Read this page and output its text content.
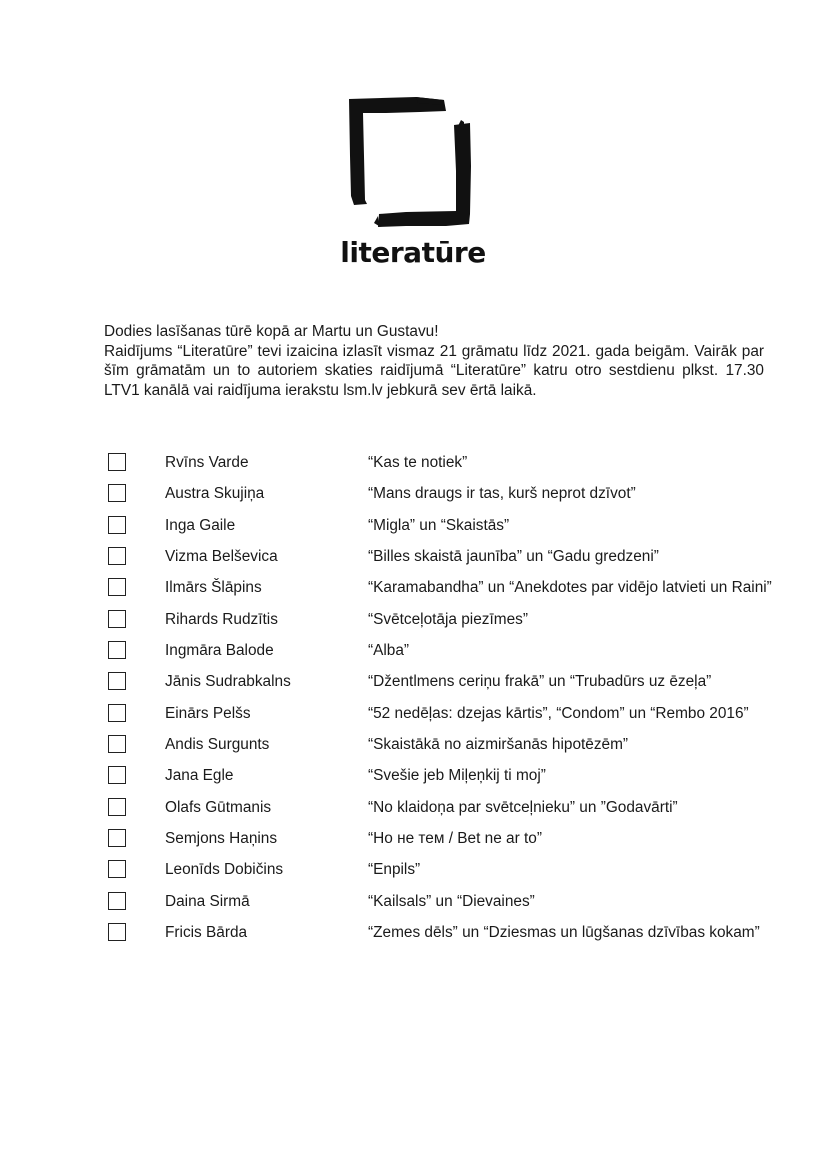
literatūre

Dodies lasīšanas tūrē kopā ar Martu un Gustavu!

Raidījums “Literatūre” tevi izaicina izlasīt vismaz 21 grāmatu līdz 2021. gada beigām. Vairāk par šīm grāmatām un to autoriem skaties raidījumā “Literatūre” katru otro sestdienu plkst. 17.30 LTV1 kanālā vai raidījuma ierakstu lsm.lv jebkurā sev ērtā laikā.

Rvīns Varde	“Kas te notiek”
Austra Skujiņa	“Mans draugs ir tas, kurš neprot dzīvot”
Inga Gaile	“Migla” un “Skaistās”
Vizma Belševica	“Billes skaistā jaunība” un “Gadu gredzeni”
Ilmārs Šlāpins	“Karamabandha” un “Anekdotes par vidējo latvieti un Raini”
Rihards Rudzītis	“Svētceļotāja piezīmes”
Ingmāra Balode	“Alba”
Jānis Sudrabkalns	“Džentlmens ceriņu frakā” un “Trubadūrs uz ēzeļa”
Einārs Pelšs	“52 nedēļas: dzejas kārtis”, “Condom” un “Rembo 2016”
Andis Surgunts	“Skaistākā no aizmiršanās hipotēzēm”
Jana Egle	“Svešie jeb Miļeņkij ti moj”
Olafs Gūtmanis	“No klaidoņa par svētceļnieku” un ”Godavārti”
Semjons Haņins	“Но не тем / Bet ne ar to”
Leonīds Dobičins	“Enpils”
Daina Sirmā	“Kailsals” un “Dievaines”
Fricis Bārda	“Zemes dēls” un “Dziesmas un lūgšanas dzīvības kokam”
